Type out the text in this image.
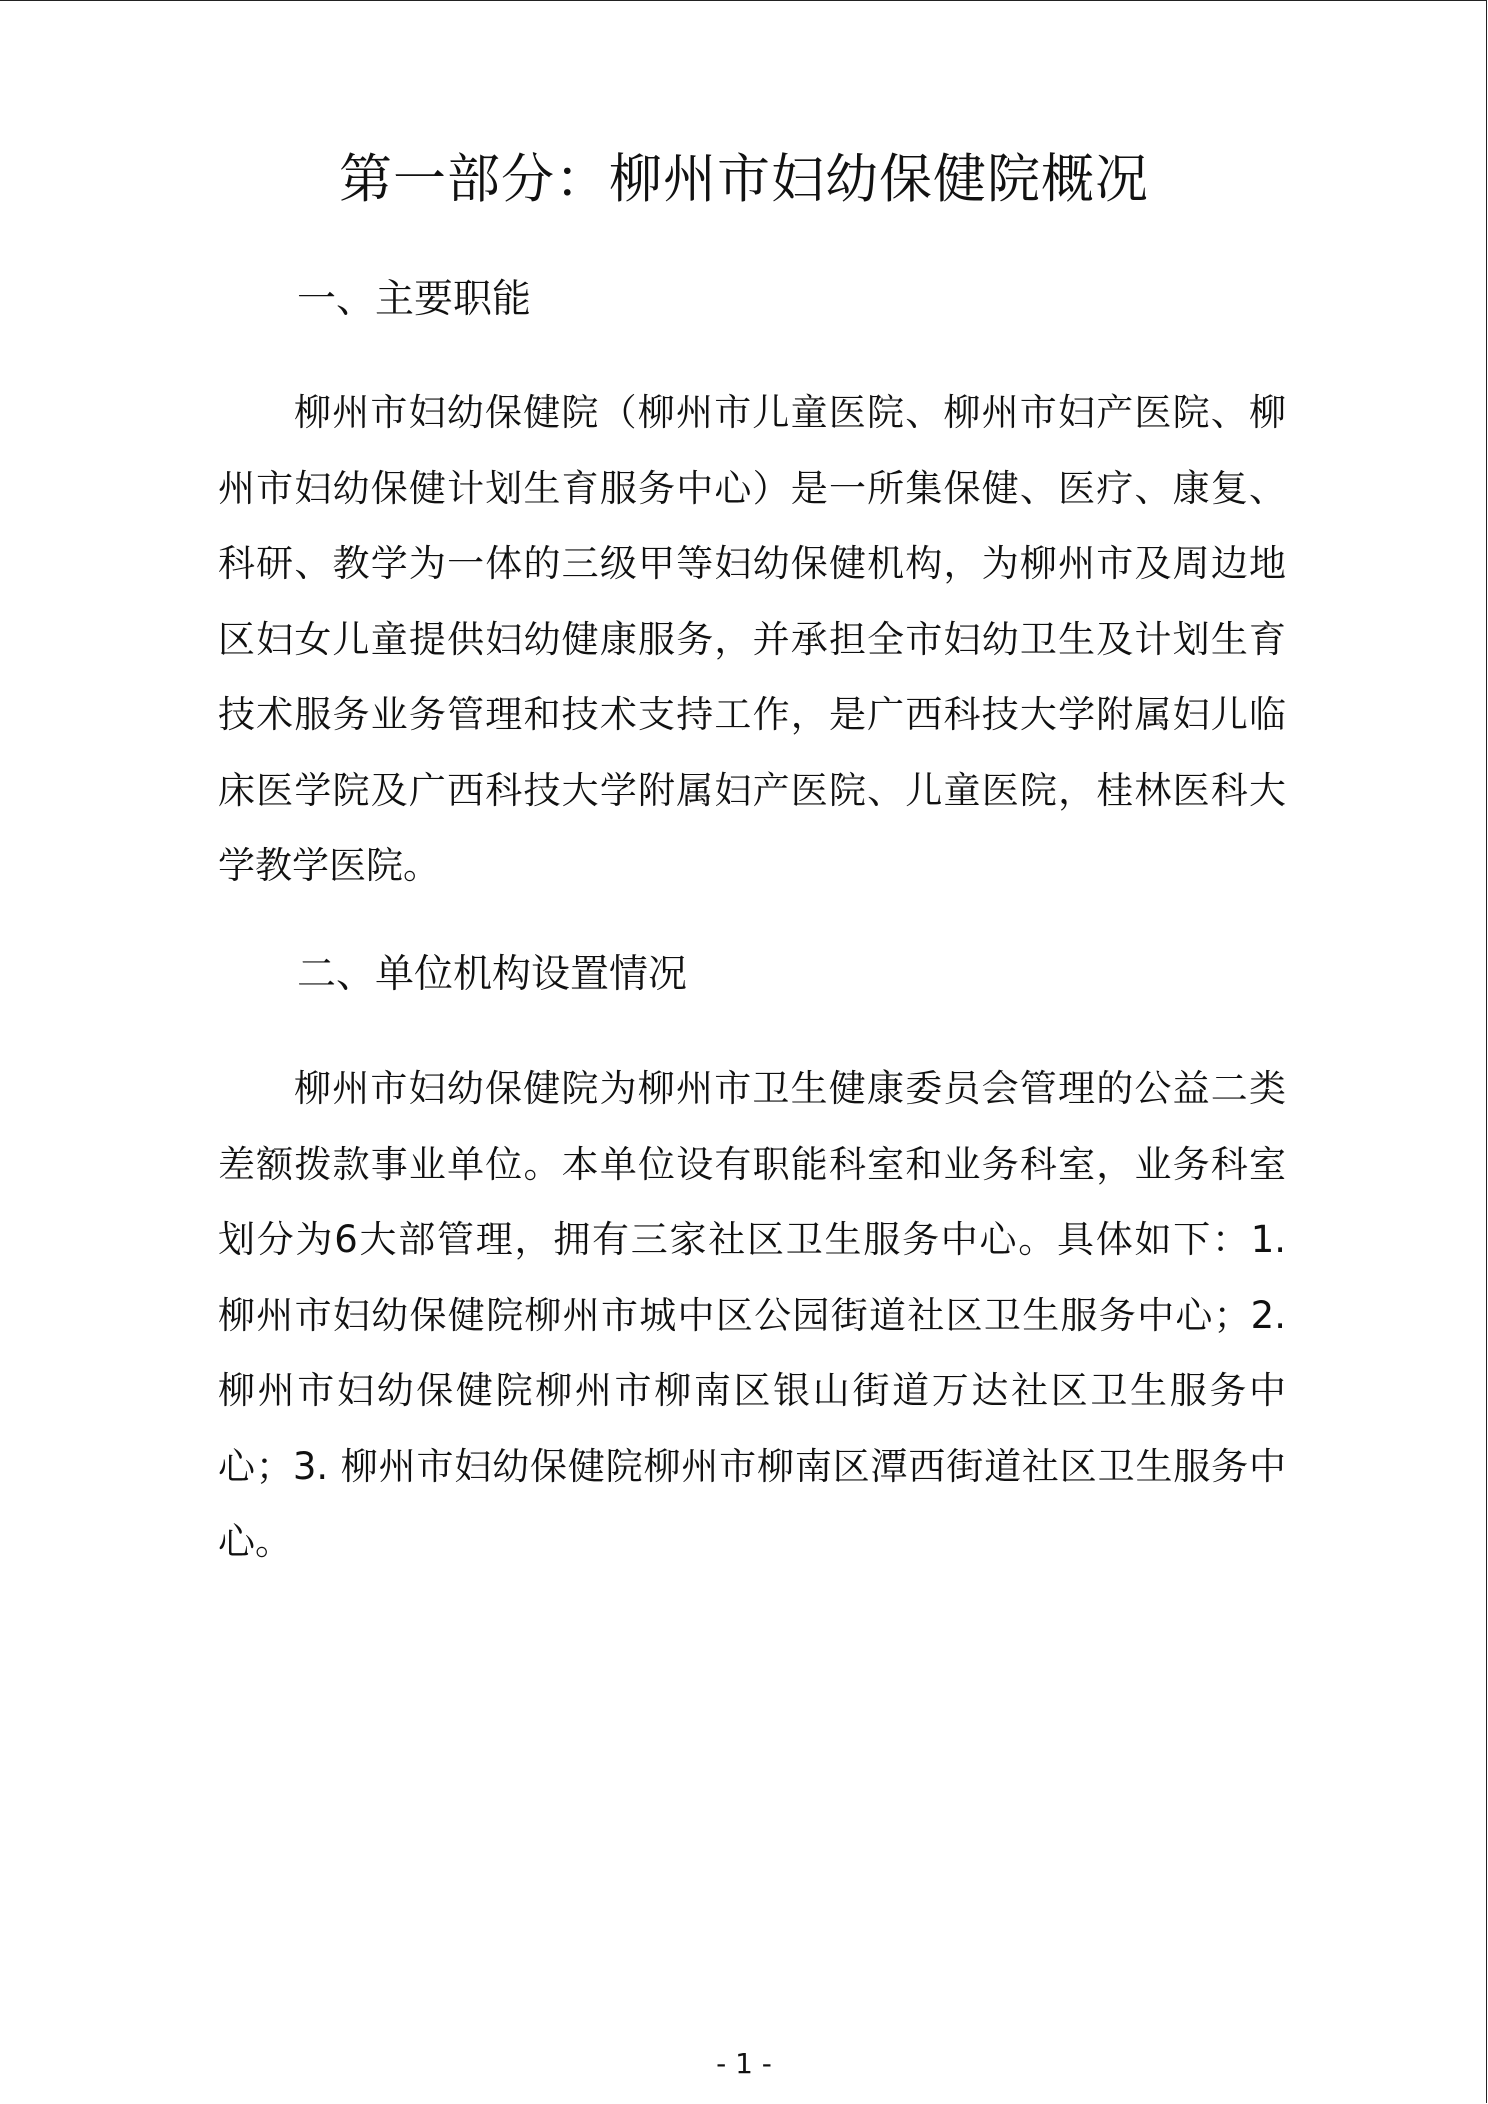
第一部分：柳州市妇幼保健院概况
一、主要职能

柳州市妇幼保健院（柳州市儿童医院、柳州市妇产医院、柳州市妇幼保健计划生育服务中心）是一所集保健、医疗、康复、科研、教学为一体的三级甲等妇幼保健机构，为柳州市及周边地区妇女儿童提供妇幼健康服务，并承担全市妇幼卫生及计划生育技术服务业务管理和技术支持工作，是广西科技大学附属妇儿临床医学院及广西科技大学附属妇产医院、儿童医院，桂林医科大学教学医院。

二、单位机构设置情况

柳州市妇幼保健院为柳州市卫生健康委员会管理的公益二类差额拨款事业单位。本单位设有职能科室和业务科室，业务科室划分为6大部管理，拥有三家社区卫生服务中心。具体如下：1. 柳州市妇幼保健院柳州市城中区公园街道社区卫生服务中心；2. 柳州市妇幼保健院柳州市柳南区银山街道万达社区卫生服务中心；3. 柳州市妇幼保健院柳州市柳南区潭西街道社区卫生服务中心。

- 1 -
